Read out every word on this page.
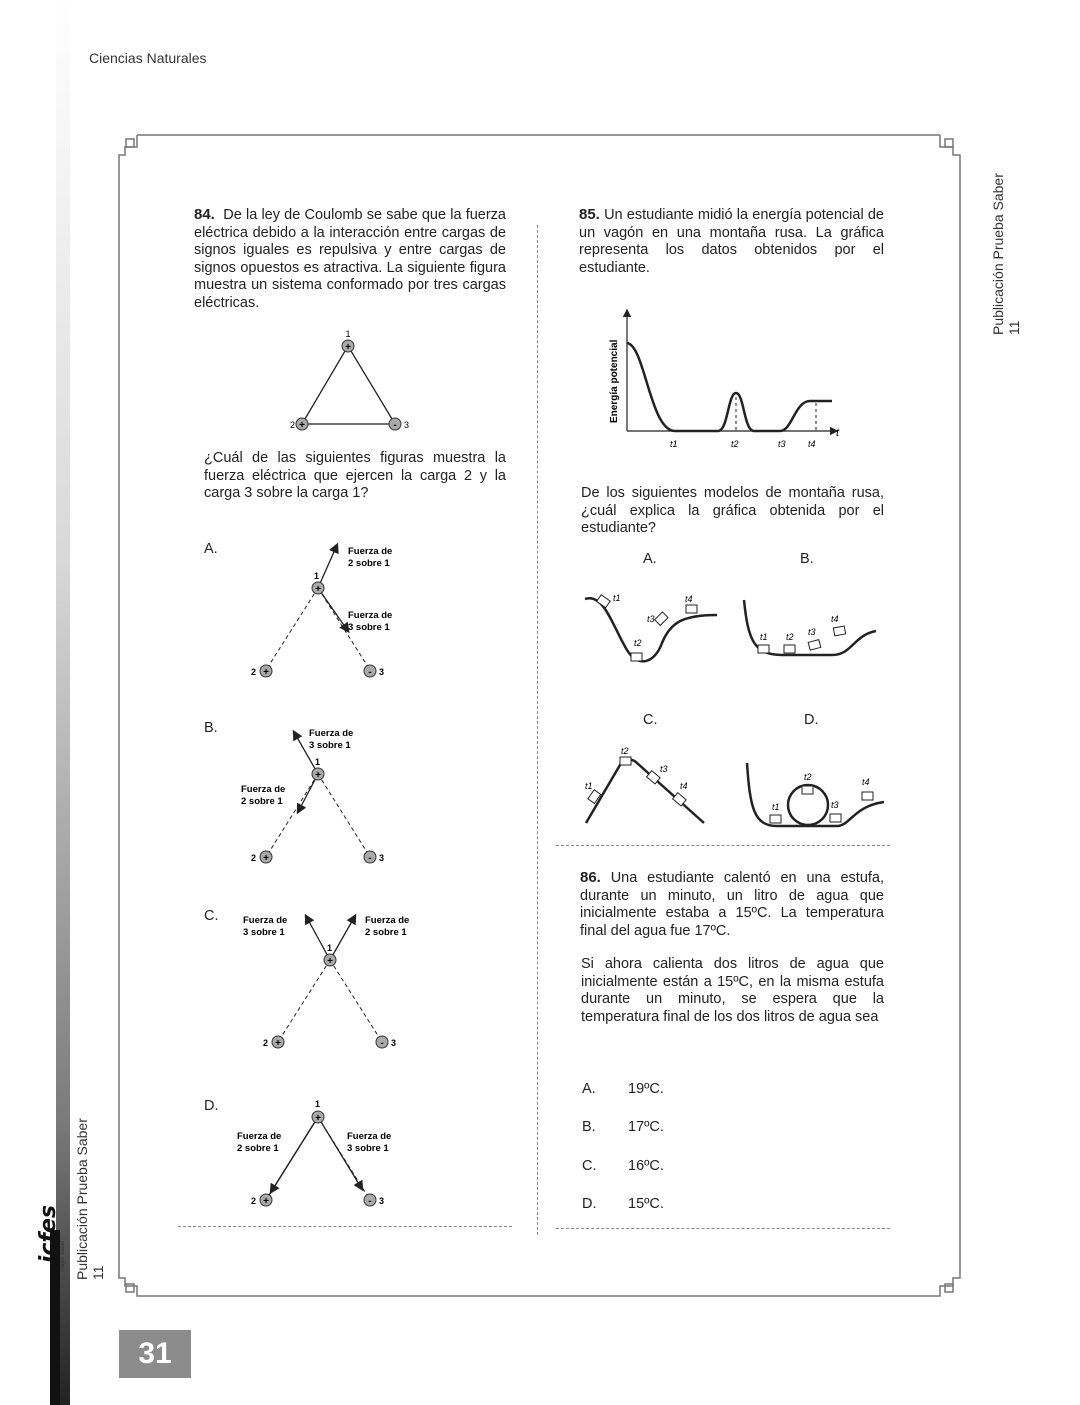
Ciencias Naturales
Publicación Prueba Saber 11
Publicación Prueba Saber 11
icfes mejor saber
31
84. De la ley de Coulomb se sabe que la fuerza eléctrica debido a la interacción entre cargas de signos iguales es repulsiva y entre cargas de signos opuestos es atractiva. La siguiente figura muestra un sistema conformado por tres cargas eléctricas.
+
+	-
1
2	3
¿Cuál de las siguientes figuras muestra la fuerza eléctrica que ejercen la carga 2 y la carga 3 sobre la carga 1?
A.
+
+	-
1
2	3
Fuerza de
2 sobre 1
Fuerza de
3 sobre 1
B.
+
+	-
1
2	3
Fuerza de
3 sobre 1
Fuerza de
2 sobre 1
C.
+
+	-
1
2	3
Fuerza de
3 sobre 1
Fuerza de
2 sobre 1
D.
+
+	-
1
2	3
Fuerza de
2 sobre 1
Fuerza de
3 sobre 1
85. Un estudiante midió la energía potencial de un vagón en una montaña rusa. La gráfica representa los datos obtenidos por el estudiante.
Energía potencial
t
t1	t2	t3 t4
De los siguientes modelos de montaña rusa, ¿cuál explica la gráfica obtenida por el estudiante?
A.	B.
C.	D.
t1
t2
t3
t4
t1 t2 t3
t4
t1
t2
t3
t4
t1
t2
t3
t4
86. Una estudiante calentó en una estufa, durante un minuto, un litro de agua que inicialmente estaba a 15ºC. La temperatura final del agua fue 17ºC.
Si ahora calienta dos litros de agua que inicialmente están a 15ºC, en la misma estufa durante un minuto, se espera que la temperatura final de los dos litros de agua sea
A. 19ºC.
B. 17ºC.
C. 16ºC.
D. 15ºC.
